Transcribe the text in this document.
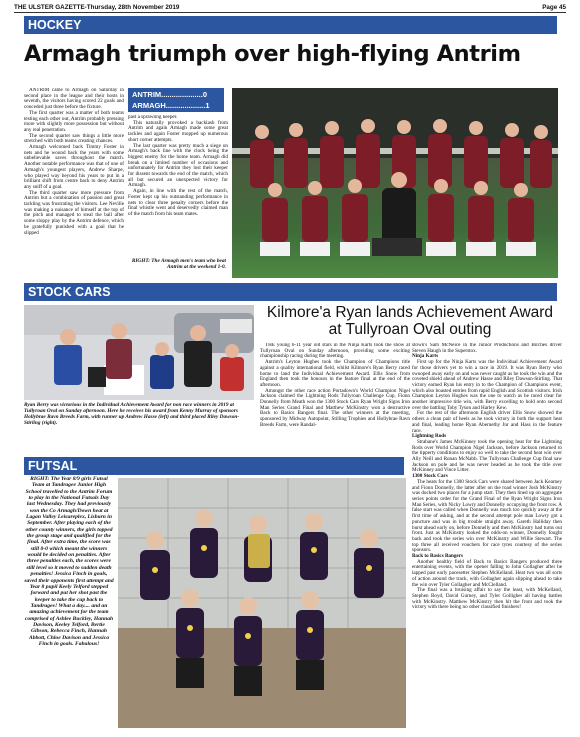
THE ULSTER GAZETTE-Thursday, 28th November 2019	Page 45
HOCKEY
Armagh triumph over high-flying Antrim

ANTRIM came to Armagh on Saturday in second place in the league and their hosts in seventh, the visitors having scored 22 goals and conceded just three before the fixture.

The first quarter was a matter of both teams testing each other out, Antrim probably pressing more with slightly more possession but without any real penetration.

The second quarter saw things a little more stretched with both teams creating chances.

Armagh welcomed back Timmy Foster in nets and he wound back the years with some unbelievable saves throughout the match. Another notable performance was that of one of Armagh's youngest players, Andrew Sharpe, who played way beyond his years to put in a brilliant shift from centre back to deny Antrim any sniff of a goal.

The third quarter saw more pressure from Antrim but a combination of passion and great tackling was frustrating the visitors. Lee Neville was making a nuisance of himself at the top of the pitch and managed to steal the ball after some sloppy play by the Antrim defence, which he gratefully punished with a goal that he slipped

ANTRIM....................0
ARMAGH...................1

past a sprawling keeper.

This naturally provoked a backlash from Antrim and again Armagh made some great tackles and again Foster mopped up numerous short corner attempts.

The last quarter was pretty much a siege on Armagh's back line with the clock being the biggest enemy for the home team. Armagh did break on a limited number of occasions and unfortunately for Antrim they lost their keeper for dissent towards the end of the match, which all but secured an unexpected victory for Armagh.

Again, in line with the rest of the match, Foster kept up his outstanding performance in nets to clear three penalty corners before the final whistle went and deservedly claimed man of the match from his team mates.

RIGHT: The Armagh men's team who beat Antrim at the weekend 1-0.
STOCK CARS
Kilmore'a Ryan lands Achievement Award at Tullyroan Oval outing
Ryan Berry was victorious in the Individual Achievement Award for non race winners in 2019 at Tullyroan Oval on Sunday afternoon. Here he receives his award from Kenny Murray of sponsors Hollybrae Ravn Breeds Farm, with runner up Andrew Hasse (left) and third placed Riley Dawson-Stirling (right).

THE young 6-11 year old stars in the Ninja Karts took the show at Tullyroan Oval on Sunday afternoon, providing some exciting championship racing during the meeting.

Antrim's Leyton Hughes took the Champion of Champions title against a quality international field, whilst Kilmore's Ryan Berry raced home to land the Individual Achievement Award. Ellis Snow from England then took the honours in the feature final at the end of the afternoon.

Amongst the other race action Portadown's World Champion Nigel Jackson claimed the Lightning Rods Tullyroan Challenge Cup, Fionn Donnelly from Meath won the 1300 Stock Cars Ryan Wright Signs Iron Man Series Grand Final and Matthew McKinstry won a destructive Back to Basics Bangers final. The other winners at the meeting, sponsored by Midway Autopoint, Stilling Trophies and Hollybrae Ravn Breeds Farm, were Randal-

stown's Sam McNeice in the Junior Productions and Birches driver Steven Haugh in the Superstox.

Ninja Karts

First up for the Ninja Karts was the Individual Achievement Award for those drivers yet to win a race in 2019. It was Ryan Berry who swooped away early on and was never caught as he took the win and the coveted shield ahead of Andrew Hasse and Riley Dawson-Stirling. That victory earned Ryan his entry in to the Champion of Champions event, which also boasted entries from rapid English and Scottish visitors. Irish Champion Leyton Hughes was the one to watch as he raced clear for another impressive title win, with Berry excelling to hold onto second over the battling Toby Tyson and Harley Kew.

For the rest of the afternoon English driver Ellis Snow showed the others a clean pair of heels as he took victory in both the support heat and final, leading home Ryan Abernethy Jnr and Hass in the feature race.

Lightning Rods

Strabane's James McKinney took the opening heat for the Lightning Rods over World Champion Nigel Jackson, before Jackson returned to the tipperty conditions to enjoy so well to take the second heat win over Ally Neill and Ronan McNabb. The Tullyroan Challenge Cup final saw Jackson on pole and he was never headed as he took the title over McKinney and Vince Litter.

1300 Stock Cars

The heats for the 1300 Stock Cars were shared between Jack Kearney and Fionn Donnelly, the latter after on the road winner Josh McKinstry was docked two places for a jump start. They then lined up on aggregate series points order for the Grand Final of the Ryan Wright Signs Iron Man Series, with Nicky Lowry and Donnelly occupying the front row. A false start was called when Donnelly was much too quickly away at the first time of asking, and at the second attempt pole man Lowry got a puncture and was in big trouble straight away. Gareth Halliday then burst ahead early on, before Donnelly and then McKinstry had turns out front. Just as McKinstry looked the odds-on winner, Donnelly fought back and took the series win over McKinstry and Willie Stewart. The top three all received vouchers for race tyres courtesy of the series sponsors.

Back to Basics Bangers

Another healthy field of Back to Basics Bangers produced three entertaining events, with the opener falling to John Gollagher after he lapped past early pacesetter Stephen McKelland. Heat two was all sorts of action around the track, with Gollagher again slipping ahead to take the win over Tyler Gollagher and McClelland.

The final was a bruising affair to say the least, with McKelland, Stephen Boyd, David Gurney, and Tyler Golligher all having battles with McKinstry. Matthew McKinstry then hit the front and took the victory with there being no other classified finishers!

FUTSAL
RIGHT: The Year 8/9 girls Futsal Team at Tandragee Junior High School travelled to the Antrim Forum to play in the National Futsals Day last Wednesday. They had previously won the Co Armagh/Down heat at Lagan Valley Leisureplex, Lisburn in September. After playing each of the other county winners, the girls topped the group stage and qualified for the final. After extra time, the score was still 0-0 which meant the winners would be decided on penalties. After three penalties each, the scores were still level so it moved to sudden death penalties! Jessica Finch in goals, saved their opponents first attempt and Year 8 pupil Keely Telford stepped forward and put her shot past the keeper to take the cup back to Tandragee! What a day.... and an amazing achievement for the team comprised of Ashlee Buckley, Hannah Davison, Keeley Telford, Bertie Gibson, Rebecca Finch, Hannah Abbott, Chloe Davison and Jessica Finch in goals. Fabulous!
